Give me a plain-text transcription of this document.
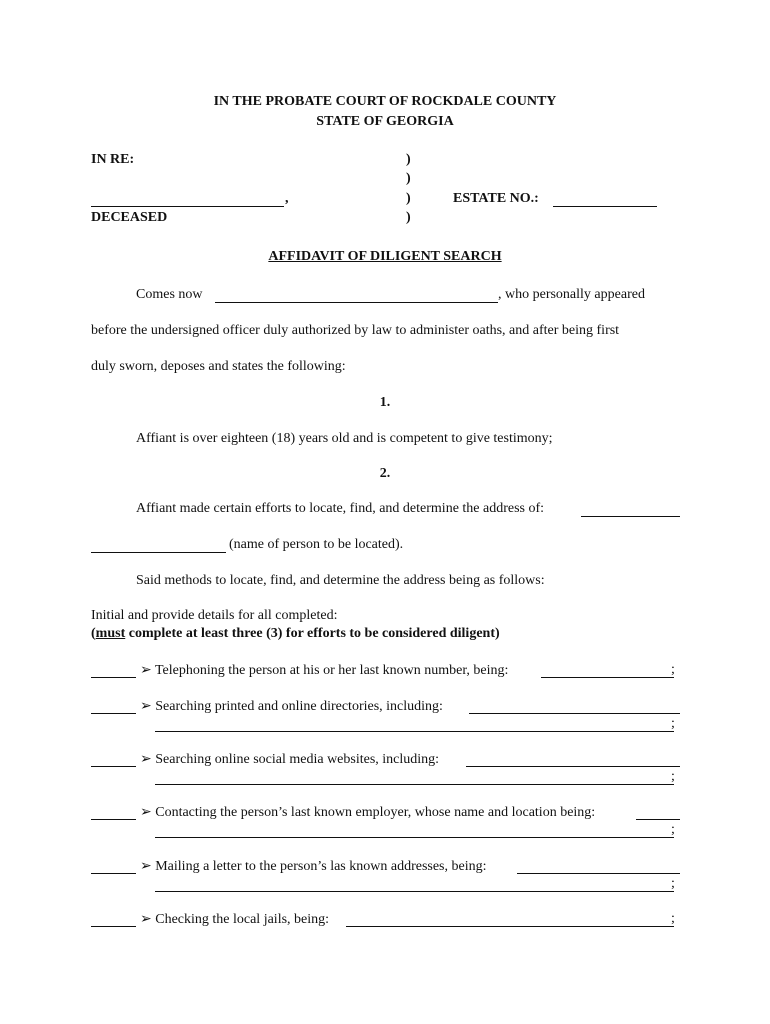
IN THE PROBATE COURT OF ROCKDALE COUNTY
STATE OF GEORGIA
IN RE:	)
)
)
)
,
DECEASED
ESTATE NO.:
AFFIDAVIT OF DILIGENT SEARCH
Comes now	, who personally appeared
before the undersigned officer duly authorized by law to administer oaths, and after being first
duly sworn, deposes and states the following:
1.
Affiant is over eighteen (18) years old and is competent to give testimony;
2.
Affiant made certain efforts to locate, find, and determine the address of:
(name of person to be located).
Said methods to locate, find, and determine the address being as follows:
Initial and provide details for all completed:
(must complete at least three (3) for efforts to be considered diligent)
➢ Telephoning the person at his or her last known number, being:	;
➢ Searching printed and online directories, including:
;
➢ Searching online social media websites, including:
;
➢ Contacting the person’s last known employer, whose name and location being:
;
➢ Mailing a letter to the person’s las known addresses, being:
;
➢ Checking the local jails, being:	;
